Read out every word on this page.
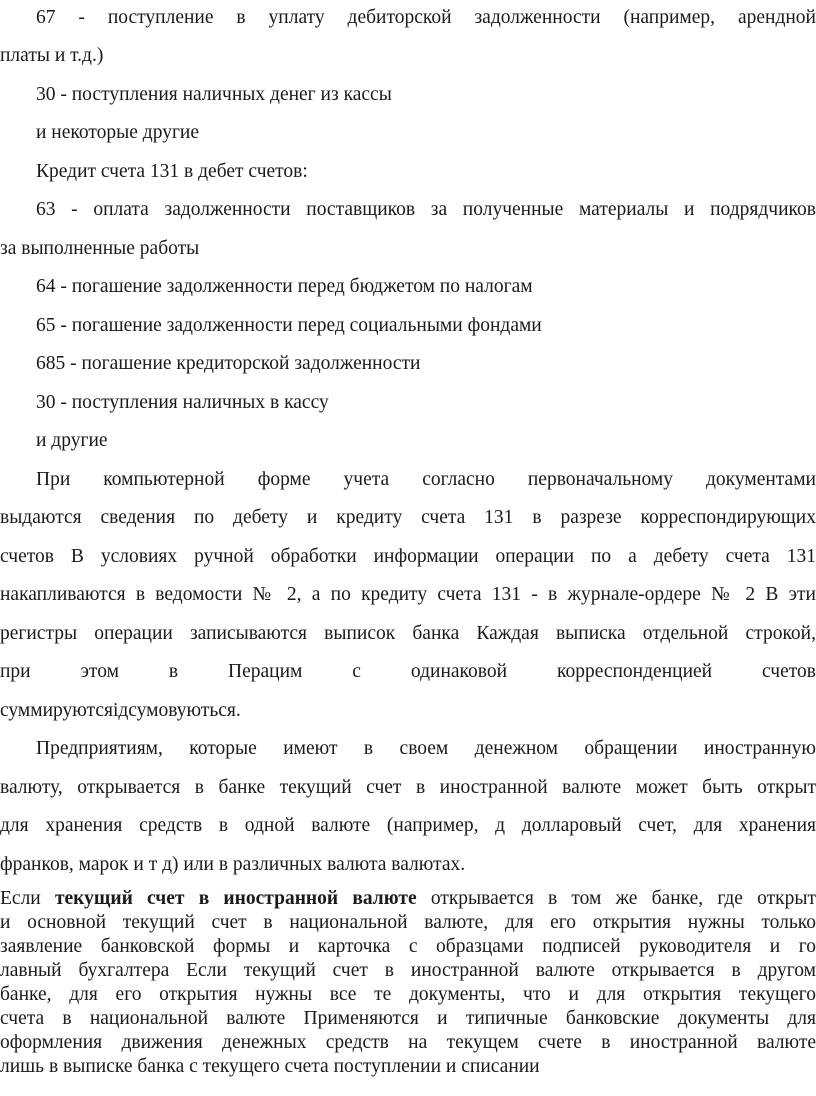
67 - поступление в уплату дебиторской задолженности (например, арендной
платы и т.д.)
30 - поступления наличных денег из кассы
и некоторые другие
Кредит счета 131 в дебет счетов:
63 - оплата задолженности поставщиков за полученные материалы и подрядчиков
за выполненные работы
64 - погашение задолженности перед бюджетом по налогам
65 - погашение задолженности перед социальными фондами
685 - погашение кредиторской задолженности
30 - поступления наличных в кассу
и другие
При компьютерной форме учета согласно первоначальному документами
выдаются сведения по дебету и кредиту счета 131 в разрезе корреспондирующих
счетов В условиях ручной обработки информации операции по а дебету счета 131
накапливаются в ведомости № 2, а по кредиту счета 131 - в журнале-ордере № 2 В эти
регистры операции записываются выписок банка Каждая выписка отдельной строкой,
при этом в Перацим с одинаковой корреспонденцией счетов
суммируютсяідсумовуються.
Предприятиям, которые имеют в своем денежном обращении иностранную
валюту, открывается в банке текущий счет в иностранной валюте может быть открыт
для хранения средств в одной валюте (например, д долларовый счет, для хранения
франков, марок и т д) или в различных валюта валютах.
Если текущий счет в иностранной валюте открывается в том же банке, где открыт
и основной текущий счет в национальной валюте, для его открытия нужны только
заявление банковской формы и карточка с образцами подписей руководителя и го
лавный бухгалтера Если текущий счет в иностранной валюте открывается в другом
банке, для его открытия нужны все те документы, что и для открытия текущего
счета в национальной валюте Применяются и типичные банковские документы для
оформления движения денежных средств на текущем счете в иностранной валюте
лишь в выписке банка с текущего счета поступлении и списании
